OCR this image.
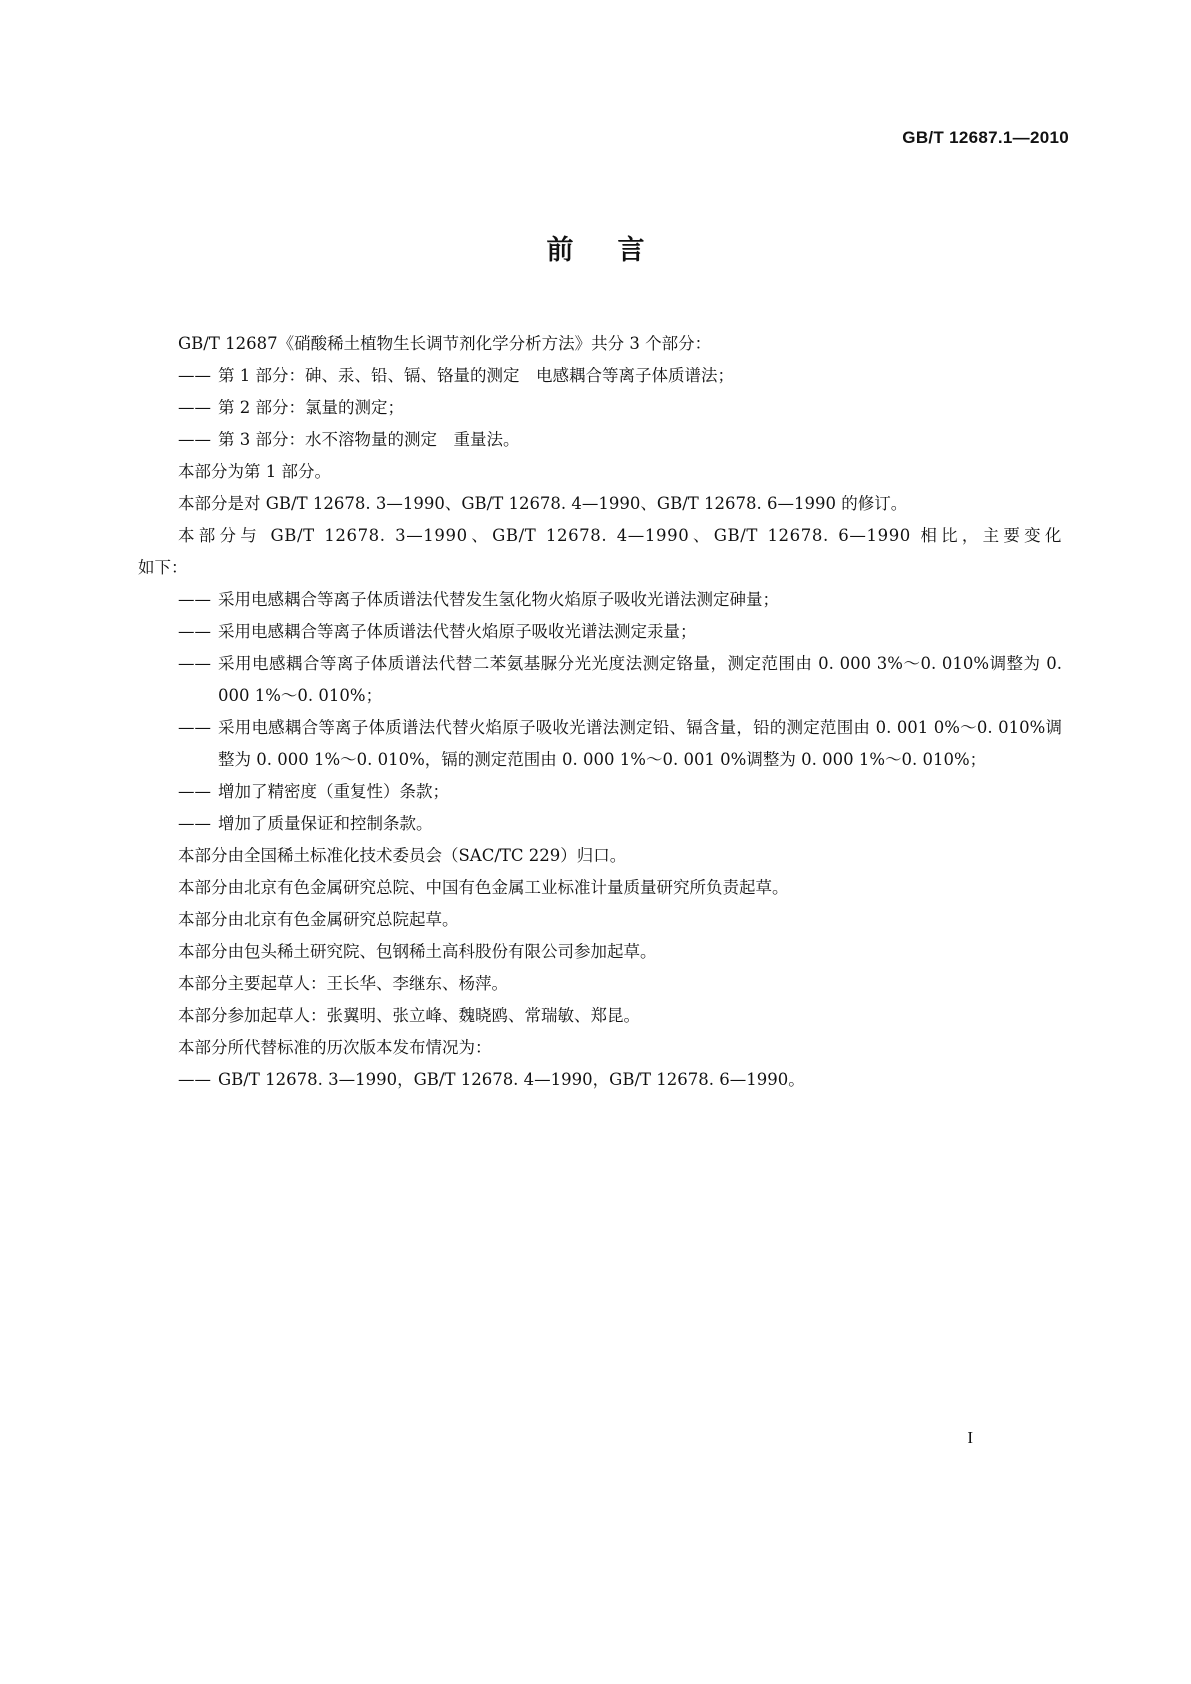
GB/T 12687.1—2010
前言

GB/T 12687《硝酸稀土植物生长调节剂化学分析方法》共分 3 个部分：

—— 第 1 部分：砷、汞、铅、镉、铬量的测定　电感耦合等离子体质谱法；
—— 第 2 部分：氯量的测定；
—— 第 3 部分：水不溶物量的测定　重量法。

本部分为第 1 部分。

本部分是对 GB/T 12678. 3—1990、GB/T 12678. 4—1990、GB/T 12678. 6—1990 的修订。

本部分与 GB/T 12678. 3—1990、GB/T 12678. 4—1990、GB/T 12678. 6—1990 相比，主要变化

如下：

—— 采用电感耦合等离子体质谱法代替发生氢化物火焰原子吸收光谱法测定砷量；
—— 采用电感耦合等离子体质谱法代替火焰原子吸收光谱法测定汞量；
—— 采用电感耦合等离子体质谱法代替二苯氨基脲分光光度法测定铬量，测定范围由 0. 000 3%～0. 010%调整为 0. 000 1%～0. 010%；
—— 采用电感耦合等离子体质谱法代替火焰原子吸收光谱法测定铅、镉含量，铅的测定范围由 0. 001 0%～0. 010%调整为 0. 000 1%～0. 010%，镉的测定范围由 0. 000 1%～0. 001 0%调整为 0. 000 1%～0. 010%；
—— 增加了精密度（重复性）条款；
—— 增加了质量保证和控制条款。

本部分由全国稀土标准化技术委员会（SAC/TC 229）归口。

本部分由北京有色金属研究总院、中国有色金属工业标准计量质量研究所负责起草。

本部分由北京有色金属研究总院起草。

本部分由包头稀土研究院、包钢稀土高科股份有限公司参加起草。

本部分主要起草人：王长华、李继东、杨萍。

本部分参加起草人：张翼明、张立峰、魏晓鸥、常瑞敏、郑昆。

本部分所代替标准的历次版本发布情况为：

—— GB/T 12678. 3—1990，GB/T 12678. 4—1990，GB/T 12678. 6—1990。
I
